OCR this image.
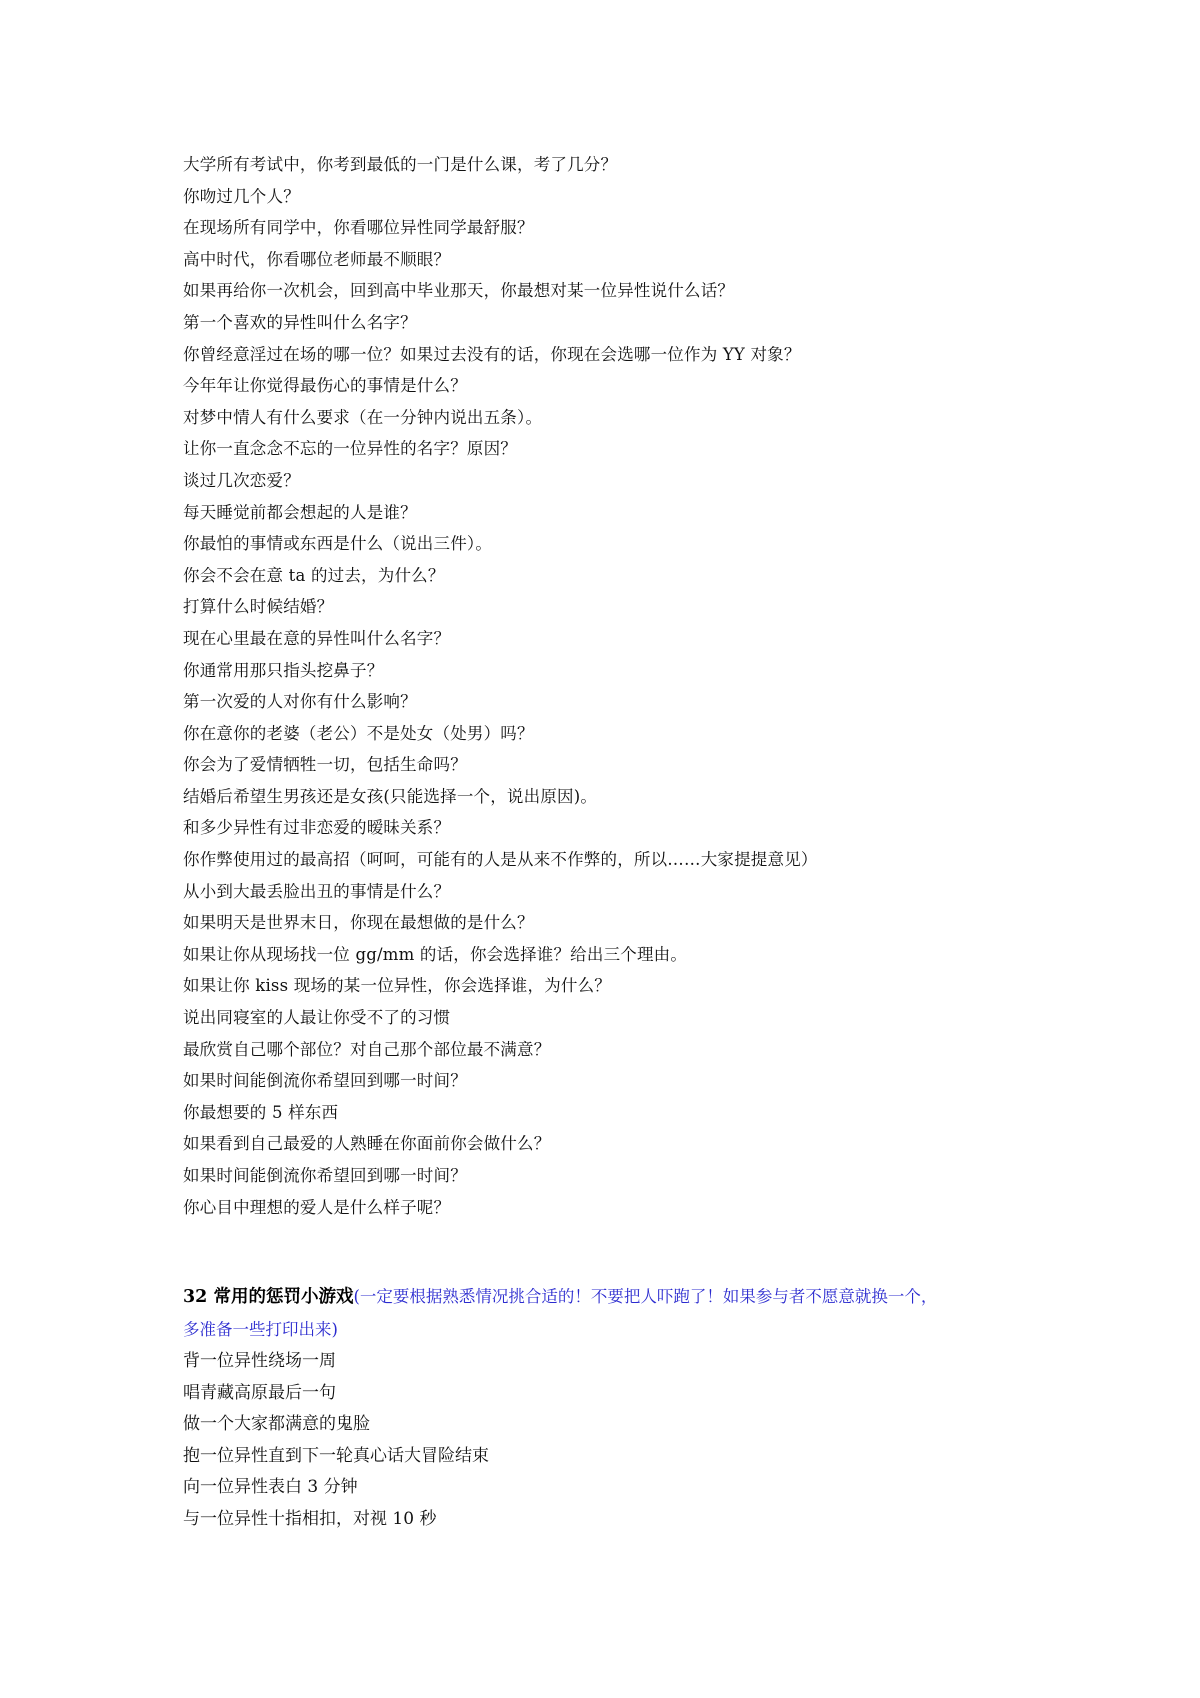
大学所有考试中，你考到最低的一门是什么课，考了几分？
你吻过几个人？
在现场所有同学中，你看哪位异性同学最舒服？
高中时代，你看哪位老师最不顺眼？
如果再给你一次机会，回到高中毕业那天，你最想对某一位异性说什么话？
第一个喜欢的异性叫什么名字？
你曾经意淫过在场的哪一位？如果过去没有的话，你现在会选哪一位作为 YY 对象？
今年年让你觉得最伤心的事情是什么？
对梦中情人有什么要求（在一分钟内说出五条）。
让你一直念念不忘的一位异性的名字？原因？
谈过几次恋爱？
每天睡觉前都会想起的人是谁？
你最怕的事情或东西是什么（说出三件）。
你会不会在意 ta 的过去，为什么？
打算什么时候结婚？
现在心里最在意的异性叫什么名字？
你通常用那只指头挖鼻子？
第一次爱的人对你有什么影响？
你在意你的老婆（老公）不是处女（处男）吗？
你会为了爱情牺牲一切，包括生命吗？
结婚后希望生男孩还是女孩(只能选择一个，说出原因)。
和多少异性有过非恋爱的暧昧关系？
你作弊使用过的最高招（呵呵，可能有的人是从来不作弊的，所以……大家提提意见）
从小到大最丢脸出丑的事情是什么？
如果明天是世界末日，你现在最想做的是什么？
如果让你从现场找一位 gg/mm 的话，你会选择谁？给出三个理由。
如果让你 kiss 现场的某一位异性，你会选择谁，为什么？
说出同寝室的人最让你受不了的习惯
最欣赏自己哪个部位？对自己那个部位最不满意？
如果时间能倒流你希望回到哪一时间？
你最想要的 5 样东西
如果看到自己最爱的人熟睡在你面前你会做什么？
如果时间能倒流你希望回到哪一时间？
你心目中理想的爱人是什么样子呢？
32 常用的惩罚小游戏(一定要根据熟悉情况挑合适的！不要把人吓跑了！如果参与者不愿意就换一个，
多准备一些打印出来)
背一位异性绕场一周
唱青藏高原最后一句
做一个大家都满意的鬼脸
抱一位异性直到下一轮真心话大冒险结束
向一位异性表白 3 分钟
与一位异性十指相扣，对视 10 秒
